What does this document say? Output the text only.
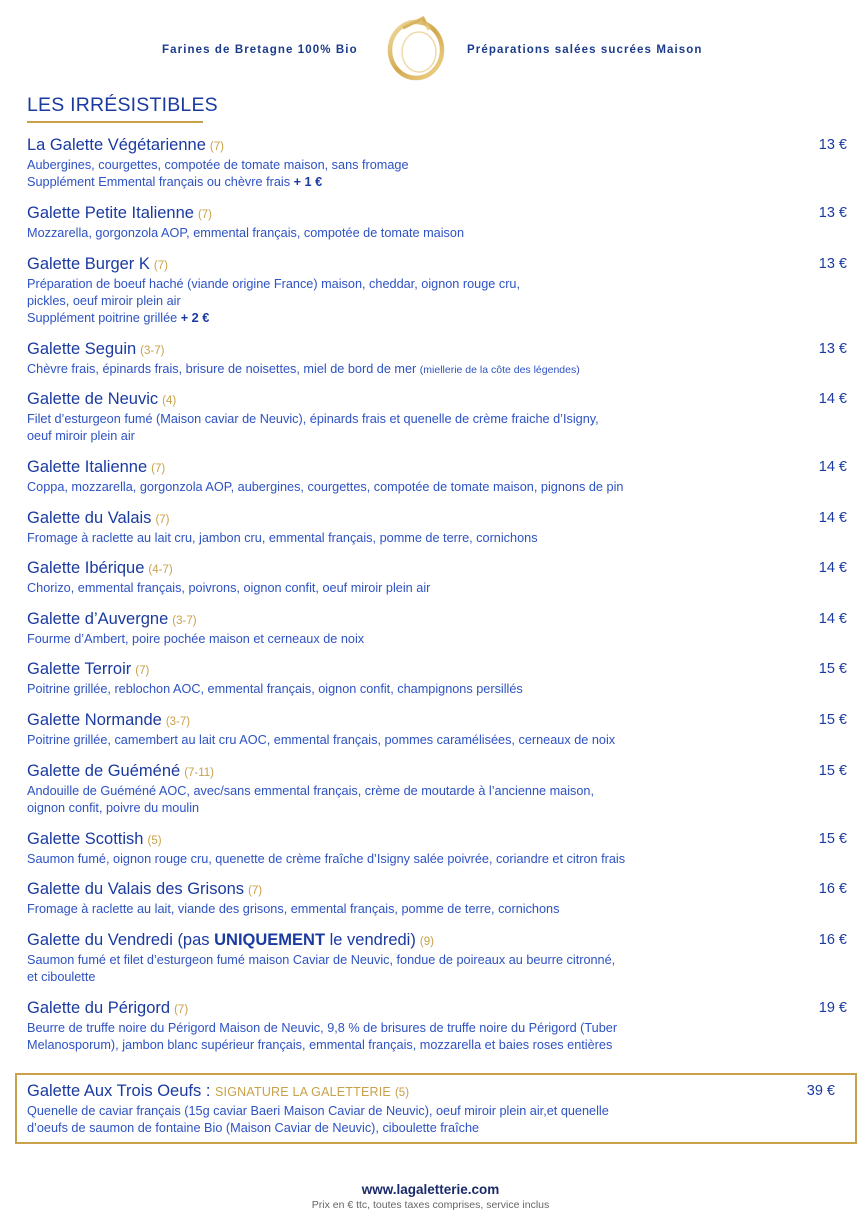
Farines de Bretagne 100% Bio	Préparations salées sucrées Maison
LES IRRÉSISTIBLES
La Galette Végétarienne (7)	13 €
Aubergines, courgettes, compotée de tomate maison, sans fromage
Supplément Emmental français ou chèvre frais + 1 €
Galette Petite Italienne (7)	13 €
Mozzarella, gorgonzola AOP, emmental français, compotée de tomate maison
Galette Burger K (7)	13 €
Préparation de boeuf haché (viande origine France) maison, cheddar, oignon rouge cru,
pickles, oeuf miroir plein air
Supplément poitrine grillée + 2 €
Galette Seguin (3-7)	13 €
Chèvre frais, épinards frais, brisure de noisettes, miel de bord de mer (miellerie de la côte des légendes)
Galette de Neuvic (4)	14 €
Filet d’esturgeon fumé (Maison caviar de Neuvic), épinards frais et quenelle de crème fraiche d’Isigny,
oeuf miroir plein air
Galette Italienne (7)	14 €
Coppa, mozzarella, gorgonzola AOP, aubergines, courgettes, compotée de tomate maison, pignons de pin
Galette du Valais (7)	14 €
Fromage à raclette au lait cru, jambon cru, emmental français, pomme de terre, cornichons
Galette Ibérique (4-7)	14 €
Chorizo, emmental français, poivrons, oignon confit, oeuf miroir plein air
Galette d’Auvergne (3-7)	14 €
Fourme d’Ambert, poire pochée maison et cerneaux de noix
Galette Terroir (7)	15 €
Poitrine grillée, reblochon AOC, emmental français, oignon confit, champignons persillés
Galette Normande (3-7)	15 €
Poitrine grillée, camembert au lait cru AOC, emmental français, pommes caramélisées, cerneaux de noix
Galette de Guéméné (7-11)	15 €
Andouille de Guéméné AOC, avec/sans emmental français, crème de moutarde à l’ancienne maison,
oignon confit, poivre du moulin
Galette Scottish (5)	15 €
Saumon fumé, oignon rouge cru, quenette de crème fraîche d’Isigny salée poivrée, coriandre et citron frais
Galette du Valais des Grisons (7)	16 €
Fromage à raclette au lait, viande des grisons, emmental français, pomme de terre, cornichons
Galette du Vendredi (pas UNIQUEMENT le vendredi) (9)	16 €
Saumon fumé et filet d’esturgeon fumé maison Caviar de Neuvic, fondue de poireaux au beurre citronné,
et ciboulette
Galette du Périgord (7)	19 €
Beurre de truffe noire du Périgord Maison de Neuvic, 9,8 % de brisures de truffe noire du Périgord (Tuber
Melanosporum), jambon blanc supérieur français, emmental français, mozzarella et baies roses entières
Galette Aux Trois Oeufs : SIGNATURE LA GALETTERIE (5)	39 €
Quenelle de caviar français (15g caviar Baeri Maison Caviar de Neuvic), oeuf miroir plein air,et quenelle
d’oeufs de saumon de fontaine Bio (Maison Caviar de Neuvic), ciboulette fraîche
www.lagaletterie.com
Prix en € ttc, toutes taxes comprises, service inclus
